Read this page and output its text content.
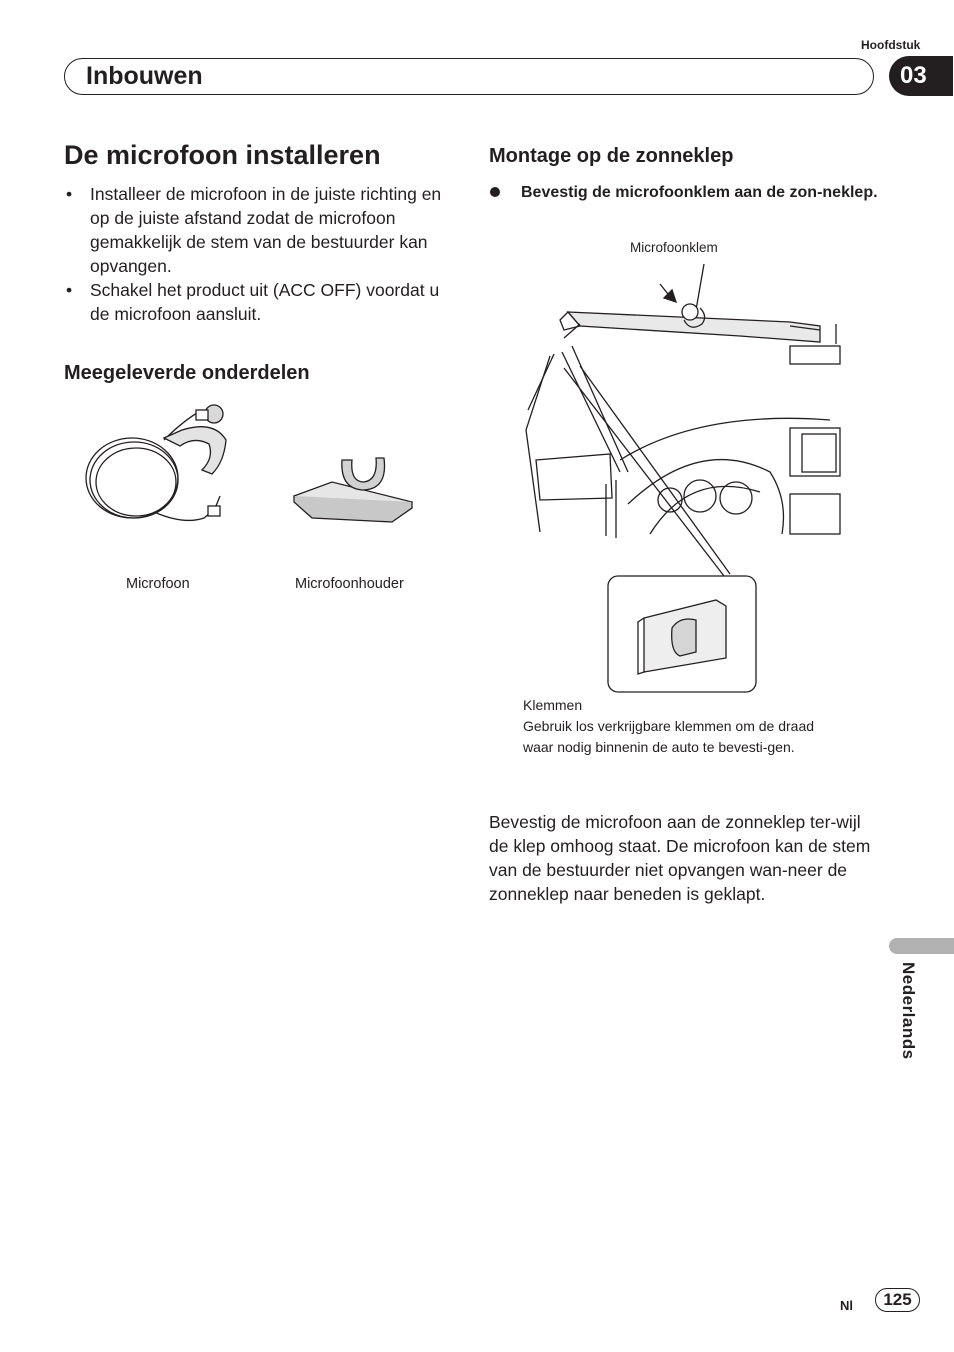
Hoofdstuk
Inbouwen	03
De microfoon installeren
• Installeer de microfoon in de juiste richting en op de juiste afstand zodat de microfoon gemakkelijk de stem van de bestuurder kan opvangen.
• Schakel het product uit (ACC OFF) voordat u de microfoon aansluit.
Meegeleverde onderdelen
Microfoon	Microfoonhouder
Montage op de zonneklep
Bevestig de microfoonklem aan de zon-neklep.
Microfoonklem
Klemmen
Gebruik los verkrijgbare klemmen om de draad waar nodig binnenin de auto te bevesti-gen.
Bevestig de microfoon aan de zonneklep ter-wijl de klep omhoog staat. De microfoon kan de stem van de bestuurder niet opvangen wan-neer de zonneklep naar beneden is geklapt.
Nederlands
Nl	125
